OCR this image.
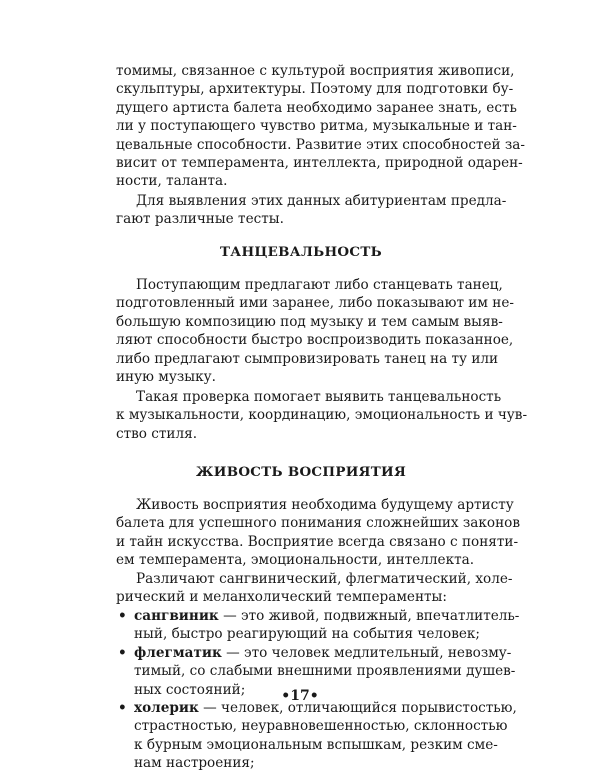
томимы, связанное с культурой восприятия живописи,
скульптуры, архитектуры. Поэтому для подготовки бу-
дущего артиста балета необходимо заранее знать, есть
ли у поступающего чувство ритма, музыкальные и тан-
цевальные способности. Развитие этих способностей за-
висит от темперамента, интеллекта, природной одарен-
ности, таланта.
Для выявления этих данных абитуриентам предла-
гают различные тесты.
ТАНЦЕВАЛЬНОСТЬ
Поступающим предлагают либо станцевать танец,
подготовленный ими заранее, либо показывают им не-
большую композицию под музыку и тем самым выяв-
ляют способности быстро воспроизводить показанное,
либо предлагают сымпровизировать танец на ту или
иную музыку.
Такая проверка помогает выявить танцевальность
к музыкальности, координацию, эмоциональность и чув-
ство стиля.
ЖИВОСТЬ ВОСПРИЯТИЯ
Живость восприятия необходима будущему артисту
балета для успешного понимания сложнейших законов
и тайн искусства. Восприятие всегда связано с поняти-
ем темперамента, эмоциональности, интеллекта.
Различают сангвинический, флегматический, холе-
рический и меланхолический темпераменты:
• сангвиник — это живой, подвижный, впечатлитель-
ный, быстро реагирующий на события человек;
• флегматик — это человек медлительный, невозму-
тимый, со слабыми внешними проявлениями душев-
ных состояний;
• холерик — человек, отличающийся порывистостью,
страстностью, неуравновешенностью, склонностью
к бурным эмоциональным вспышкам, резким сме-
нам настроения;
•17•
